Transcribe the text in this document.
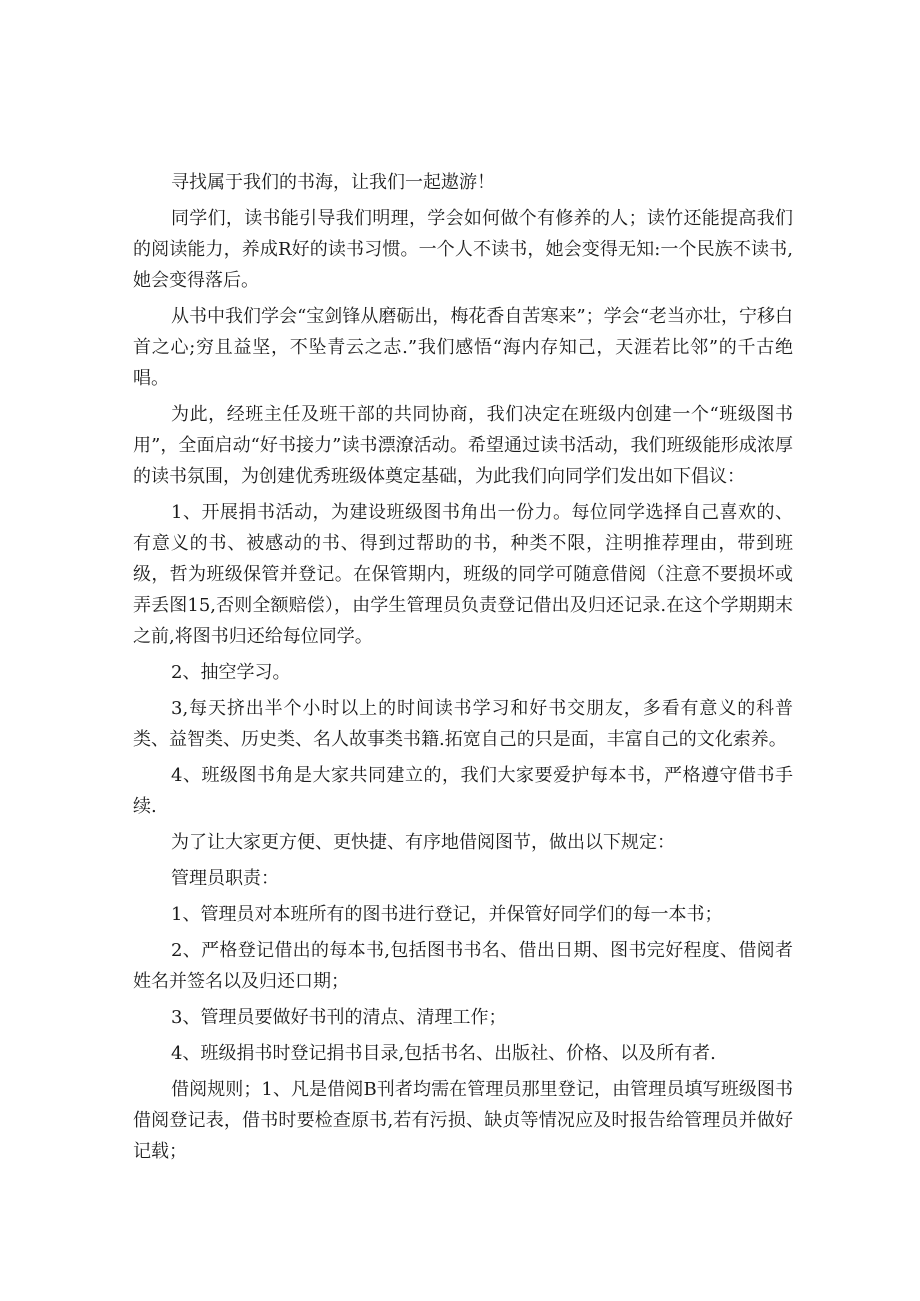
寻找属于我们的书海，让我们一起遨游！

同学们，读书能引导我们明理，学会如何做个有修养的人；读竹还能提高我们的阅读能力，养成R好的读书习惯。一个人不读书，她会变得无知:一个民族不读书,她会变得落后。

从书中我们学会“宝剑锋从磨砺出，梅花香自苦寒来”；学会“老当亦壮，宁移白首之心;穷且益坚，不坠青云之志.”我们感悟“海内存知己，天涯若比邻”的千古绝唱。

为此，经班主任及班干部的共同协商，我们决定在班级内创建一个“班级图书用”，全面启动“好书接力”读书漂潦活动。希望通过读书活动，我们班级能形成浓厚的读书氛围，为创建优秀班级体奠定基础，为此我们向同学们发出如下倡议：

1、开展捐书活动，为建设班级图书角出一份力。每位同学选择自己喜欢的、有意义的书、被感动的书、得到过帮助的书，种类不限，注明推荐理由，带到班级，哲为班级保管并登记。在保管期内，班级的同学可随意借阅（注意不要损坏或弄丢图15,否则全额赔偿），由学生管理员负责登记借出及归还记录.在这个学期期末之前,将图书归还给每位同学。

2、抽空学习。

3,每天挤出半个小时以上的时间读书学习和好书交朋友，多看有意义的科普类、益智类、历史类、名人故事类书籍.拓宽自己的只是面，丰富自己的文化索养。

4、班级图书角是大家共同建立的，我们大家要爱护每本书，严格遵守借书手续.

为了让大家更方便、更快捷、有序地借阅图节，做出以下规定：

管理员职责：

1、管理员对本班所有的图书进行登记，并保管好同学们的每一本书；

2、严格登记借出的每本书,包括图书书名、借出日期、图书完好程度、借阅者姓名并签名以及归还口期；

3、管理员要做好书刊的清点、清理工作；

4、班级捐书时登记捐书目录,包括书名、出版社、价格、以及所有者.

借阅规则；1、凡是借阅B刊者均需在管理员那里登记，由管理员填写班级图书借阅登记表，借书时要检查原书,若有污损、缺贞等情况应及时报告给管理员并做好记载；
